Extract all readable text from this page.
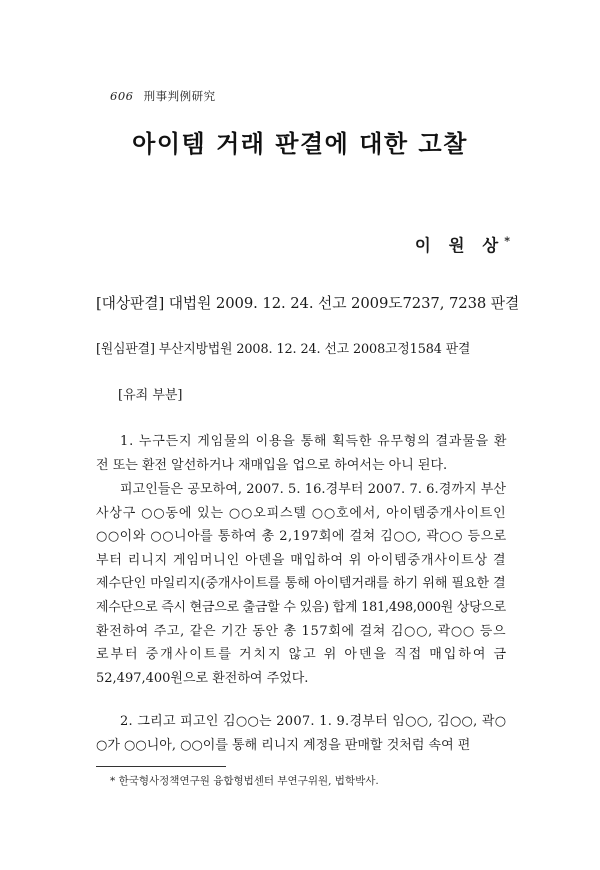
606 刑事判例研究
아이템 거래 판결에 대한 고찰
이 원 상*
[대상판결] 대법원 2009. 12. 24. 선고 2009도7237, 7238 판결
[원심판결] 부산지방법원 2008. 12. 24. 선고 2008고정1584 판결
[유죄 부분]

1. 누구든지 게임물의 이용을 통해 획득한 유무형의 결과물을 환
전 또는 환전 알선하거나 재매입을 업으로 하여서는 아니 된다.

피고인들은 공모하여, 2007. 5. 16.경부터 2007. 7. 6.경까지 부산
사상구 ○○동에 있는 ○○오피스텔 ○○호에서, 아이템중개사이트인
○○이와 ○○니아를 통하여 총 2,197회에 걸쳐 김○○, 곽○○ 등으로
부터 리니지 게임머니인 아덴을 매입하여 위 아이템중개사이트상 결
제수단인 마일리지(중개사이트를 통해 아이템거래를 하기 위해 필요한 결
제수단으로 즉시 현금으로 출금할 수 있음) 합계 181,498,000원 상당으로
환전하여 주고, 같은 기간 동안 총 157회에 걸쳐 김○○, 곽○○ 등으
로부터 중개사이트를 거치지 않고 위 아덴을 직접 매입하여 금
52,497,400원으로 환전하여 주었다.

2. 그리고 피고인 김○○는 2007. 1. 9.경부터 임○○, 김○○, 곽○
○가 ○○니아, ○○이를 통해 리니지 계정을 판매할 것처럼 속여 편

* 한국형사정책연구원 융합형법센터 부연구위원, 법학박사.
